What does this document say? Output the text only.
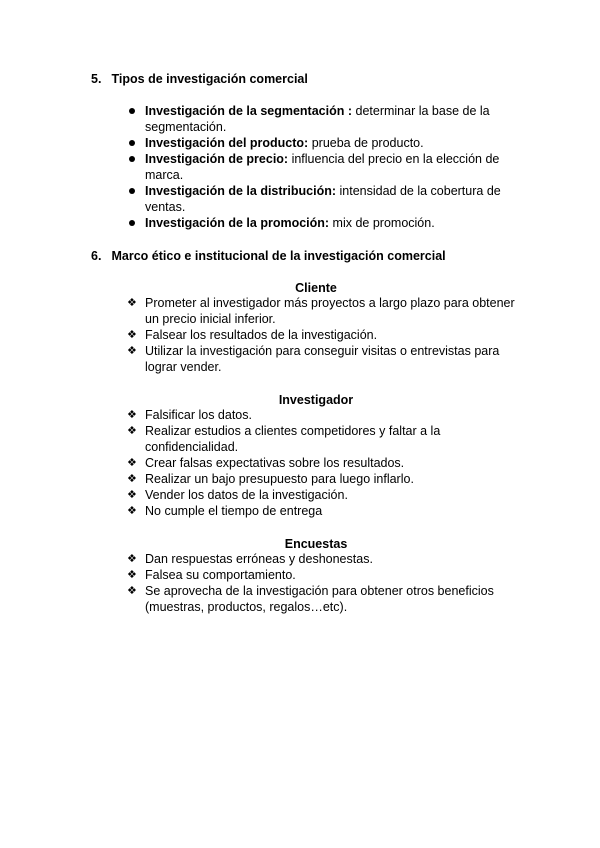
5. Tipos de investigación comercial
Investigación de la segmentación : determinar la base de la segmentación.
Investigación del producto: prueba de producto.
Investigación de precio: influencia del precio en la elección de marca.
Investigación de la distribución: intensidad de la cobertura de ventas.
Investigación de la promoción: mix de promoción.
6. Marco ético e institucional de la investigación comercial
Cliente
❖ Prometer al investigador más proyectos a largo plazo para obtener un precio inicial inferior.
❖ Falsear los resultados de la investigación.
❖ Utilizar la investigación para conseguir visitas o entrevistas para lograr vender.
Investigador
❖ Falsificar los datos.
❖ Realizar estudios a clientes competidores y faltar a la confidencialidad.
❖ Crear falsas expectativas sobre los resultados.
❖ Realizar un bajo presupuesto para luego inflarlo.
❖ Vender los datos de la investigación.
❖ No cumple el tiempo de entrega
Encuestas
❖ Dan respuestas erróneas y deshonestas.
❖ Falsea su comportamiento.
❖ Se aprovecha de la investigación para obtener otros beneficios (muestras, productos, regalos…etc).
